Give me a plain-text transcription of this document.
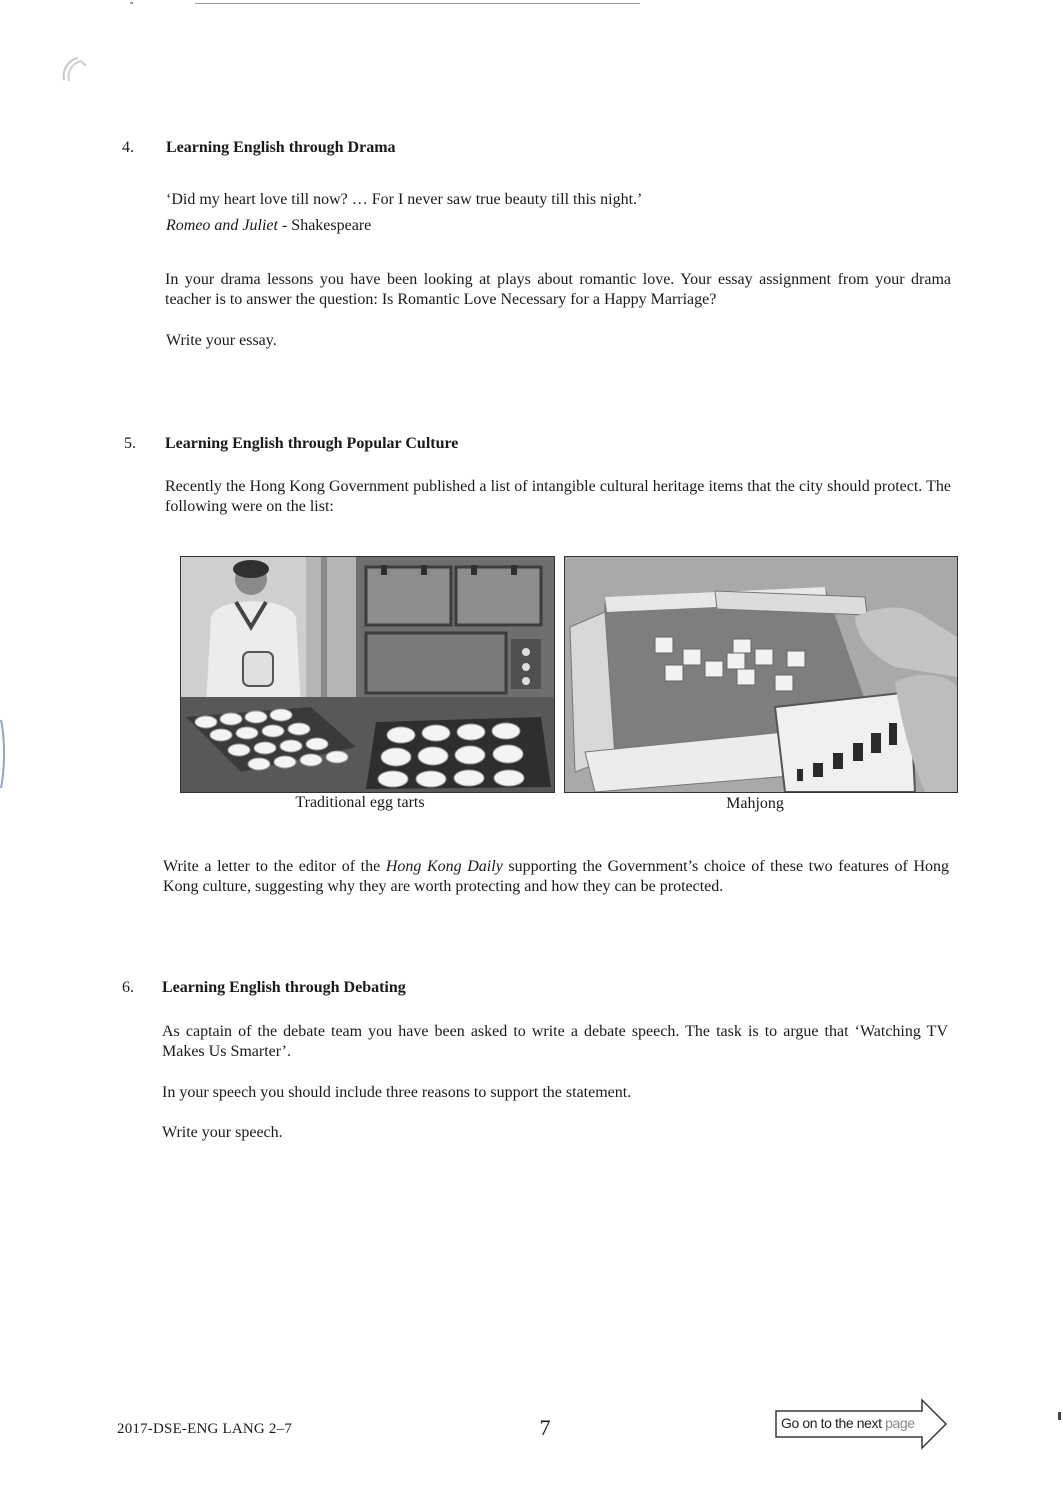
4. Learning English through Drama
‘Did my heart love till now? … For I never saw true beauty till this night.’
Romeo and Juliet - Shakespeare
In your drama lessons you have been looking at plays about romantic love. Your essay assignment from your drama teacher is to answer the question: Is Romantic Love Necessary for a Happy Marriage?
Write your essay.
5. Learning English through Popular Culture
Recently the Hong Kong Government published a list of intangible cultural heritage items that the city should protect. The following were on the list:
Traditional egg tarts	Mahjong
Write a letter to the editor of the Hong Kong Daily supporting the Government’s choice of these two features of Hong Kong culture, suggesting why they are worth protecting and how they can be protected.
6. Learning English through Debating
As captain of the debate team you have been asked to write a debate speech. The task is to argue that ‘Watching TV Makes Us Smarter’.
In your speech you should include three reasons to support the statement.
Write your speech.
2017-DSE-ENG LANG 2–7	7	Go on to the next page
